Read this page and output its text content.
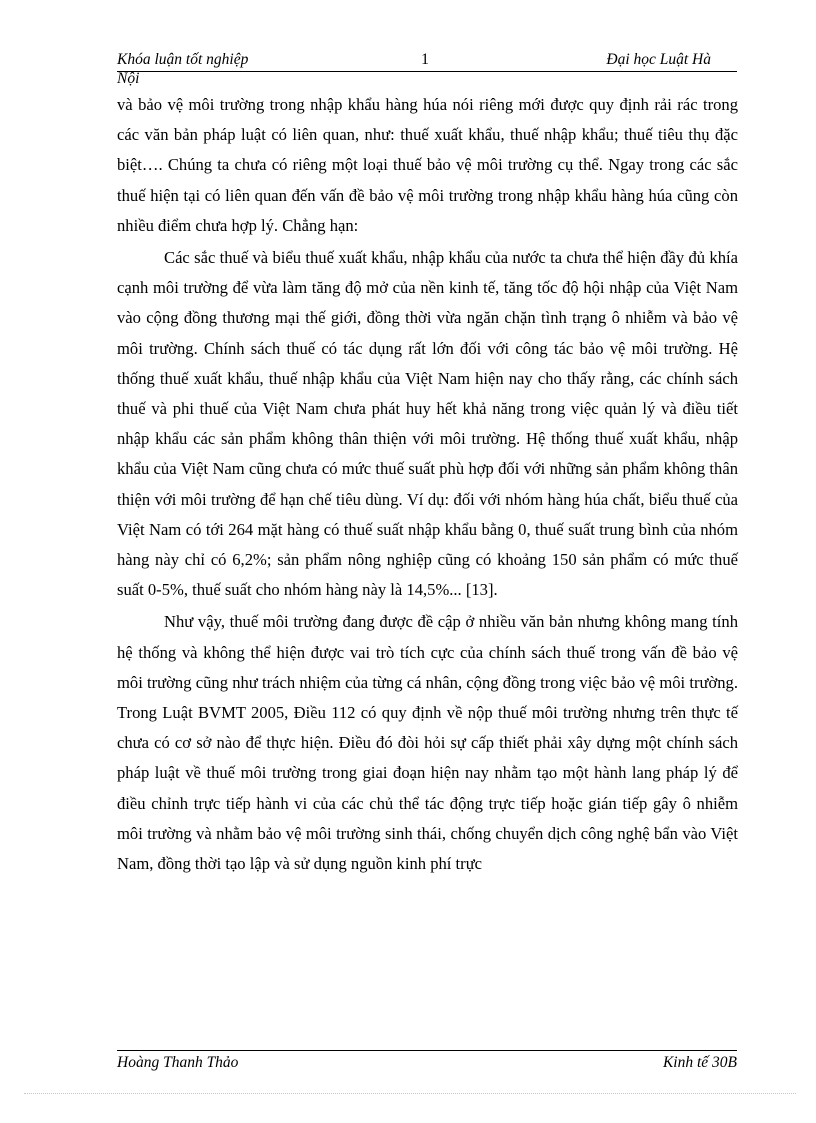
Khóa luận tốt nghiệp
Nội
1	Đại học Luật Hà

và bảo vệ môi trường trong nhập khẩu hàng húa nói riêng mới được quy định rải rác trong các văn bản pháp luật có liên quan, như: thuế xuất khẩu, thuế nhập khẩu; thuế tiêu thụ đặc biệt…. Chúng ta chưa có riêng một loại thuế bảo vệ môi trường cụ thể. Ngay trong các sắc thuế hiện tại có liên quan đến vấn đề bảo vệ môi trường trong nhập khẩu hàng húa cũng còn nhiều điểm chưa hợp lý. Chẳng hạn:

Các sắc thuế và biểu thuế xuất khẩu, nhập khẩu của nước ta chưa thể hiện đầy đủ khía cạnh môi trường để vừa làm tăng độ mở của nền kinh tế, tăng tốc độ hội nhập của Việt Nam vào cộng đồng thương mại thế giới, đồng thời vừa ngăn chặn tình trạng ô nhiễm và bảo vệ môi trường. Chính sách thuế có tác dụng rất lớn đối với công tác bảo vệ môi trường. Hệ thống thuế xuất khẩu, thuế nhập khẩu của Việt Nam hiện nay cho thấy rằng, các chính sách thuế và phi thuế của Việt Nam chưa phát huy hết khả năng trong việc quản lý và điều tiết nhập khẩu các sản phẩm không thân thiện với môi trường. Hệ thống thuế xuất khẩu, nhập khẩu của Việt Nam cũng chưa có mức thuế suất phù hợp đối với những sản phẩm không thân thiện với môi trường để hạn chế tiêu dùng. Ví dụ: đối với nhóm hàng húa chất, biểu thuế của Việt Nam có tới 264 mặt hàng có thuế suất nhập khẩu bằng 0, thuế suất trung bình của nhóm hàng này chỉ có 6,2%; sản phẩm nông nghiệp cũng có khoảng 150 sản phẩm có mức thuế suất 0-5%, thuế suất cho nhóm hàng này là 14,5%... [13].

Như vậy, thuế môi trường đang được đề cập ở nhiều văn bản nhưng không mang tính hệ thống và không thể hiện được vai trò tích cực của chính sách thuế trong vấn đề bảo vệ môi trường cũng như trách nhiệm của từng cá nhân, cộng đồng trong việc bảo vệ môi trường. Trong Luật BVMT 2005, Điều 112 có quy định về nộp thuế môi trường nhưng trên thực tế chưa có cơ sở nào để thực hiện. Điều đó đòi hỏi sự cấp thiết phải xây dựng một chính sách pháp luật về thuế môi trường trong giai đoạn hiện nay nhằm tạo một hành lang pháp lý để điều chỉnh trực tiếp hành vi của các chủ thể tác động trực tiếp hoặc gián tiếp gây ô nhiễm môi trường và nhằm bảo vệ môi trường sinh thái, chống chuyển dịch công nghệ bẩn vào Việt Nam, đồng thời tạo lập và sử dụng nguồn kinh phí trực

Hoàng Thanh Thảo	Kinh tế 30B
